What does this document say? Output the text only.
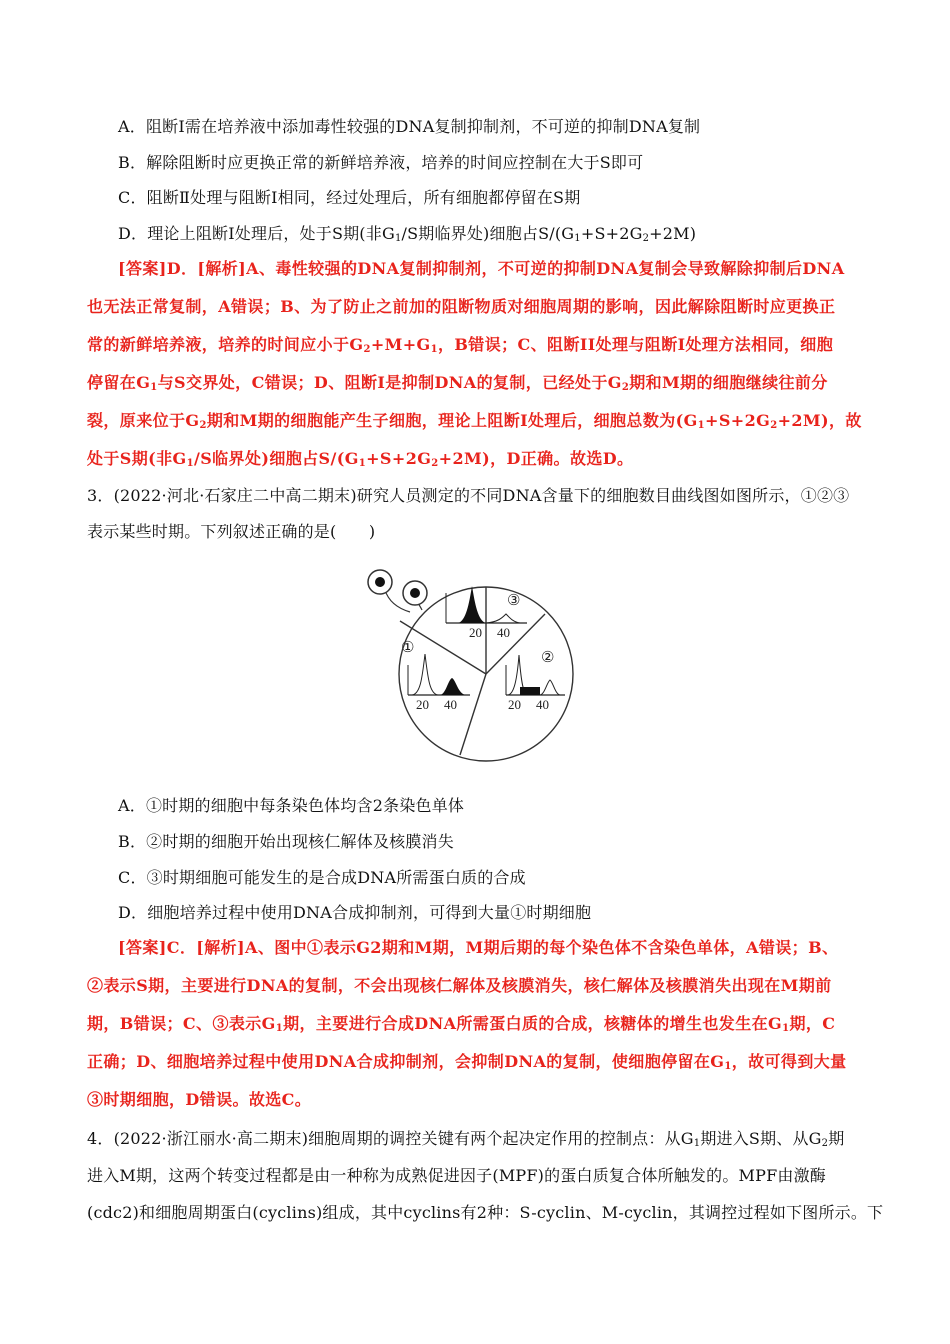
A．阻断Ⅰ需在培养液中添加毒性较强的DNA复制抑制剂，不可逆的抑制DNA复制
B．解除阻断时应更换正常的新鲜培养液，培养的时间应控制在大于S即可
C．阻断Ⅱ处理与阻断Ⅰ相同，经过处理后，所有细胞都停留在S期
D．理论上阻断Ⅰ处理后，处于S期(非$G_1/S$期临界处)细胞占$S/(G_1+S+2G_2+2M)$
[答案]D．[解析]A、毒性较强的DNA复制抑制剂，不可逆的抑制DNA复制会导致解除抑制后DNA
也无法正常复制，A错误；B、为了防止之前加的阻断物质对细胞周期的影响，因此解除阻断时应更换正
常的新鲜培养液，培养的时间应小于$G_2+M+G_1$，B错误；C、阻断II处理与阻断I处理方法相同，细胞
停留在$G_1$与S交界处，C错误；D、阻断I是抑制DNA的复制，已经处于$G_2$期和M期的细胞继续往前分
裂，原来位于$G_2$期和M期的细胞能产生子细胞，理论上阻断Ⅰ处理后，细胞总数为$(G_1+S+2G_2+2M)$，故
处于S期(非$G_1/S$临界处)细胞占$S/(G_1+S+2G_2+2M)$，D正确。故选D。
3．(2022·河北·石家庄二中高二期末)研究人员测定的不同DNA含量下的细胞数目曲线图如图所示，①②③
表示某些时期。下列叙述正确的是(　　)
③
20 40
①
20 40
②
20 40
A．①时期的细胞中每条染色体均含2条染色单体
B．②时期的细胞开始出现核仁解体及核膜消失
C．③时期细胞可能发生的是合成DNA所需蛋白质的合成
D．细胞培养过程中使用DNA合成抑制剂，可得到大量①时期细胞
[答案]C．[解析]A、图中①表示G2期和M期，M期后期的每个染色体不含染色单体，A错误；B、
②表示S期，主要进行DNA的复制，不会出现核仁解体及核膜消失，核仁解体及核膜消失出现在M期前
期，B错误；C、③表示$G_1$期，主要进行合成DNA所需蛋白质的合成，核糖体的增生也发生在$G_1$期，C
正确；D、细胞培养过程中使用DNA合成抑制剂，会抑制DNA的复制，使细胞停留在$G_1$，故可得到大量
③时期细胞，D错误。故选C。
4．(2022·浙江丽水·高二期末)细胞周期的调控关键有两个起决定作用的控制点：从$G_1$期进入S期、从$G_2$期
进入M期，这两个转变过程都是由一种称为成熟促进因子(MPF)的蛋白质复合体所触发的。MPF由激酶
(cdc2)和细胞周期蛋白(cyclins)组成，其中cyclins有2种：S-cyclin、M-cyclin，其调控过程如下图所示。下
